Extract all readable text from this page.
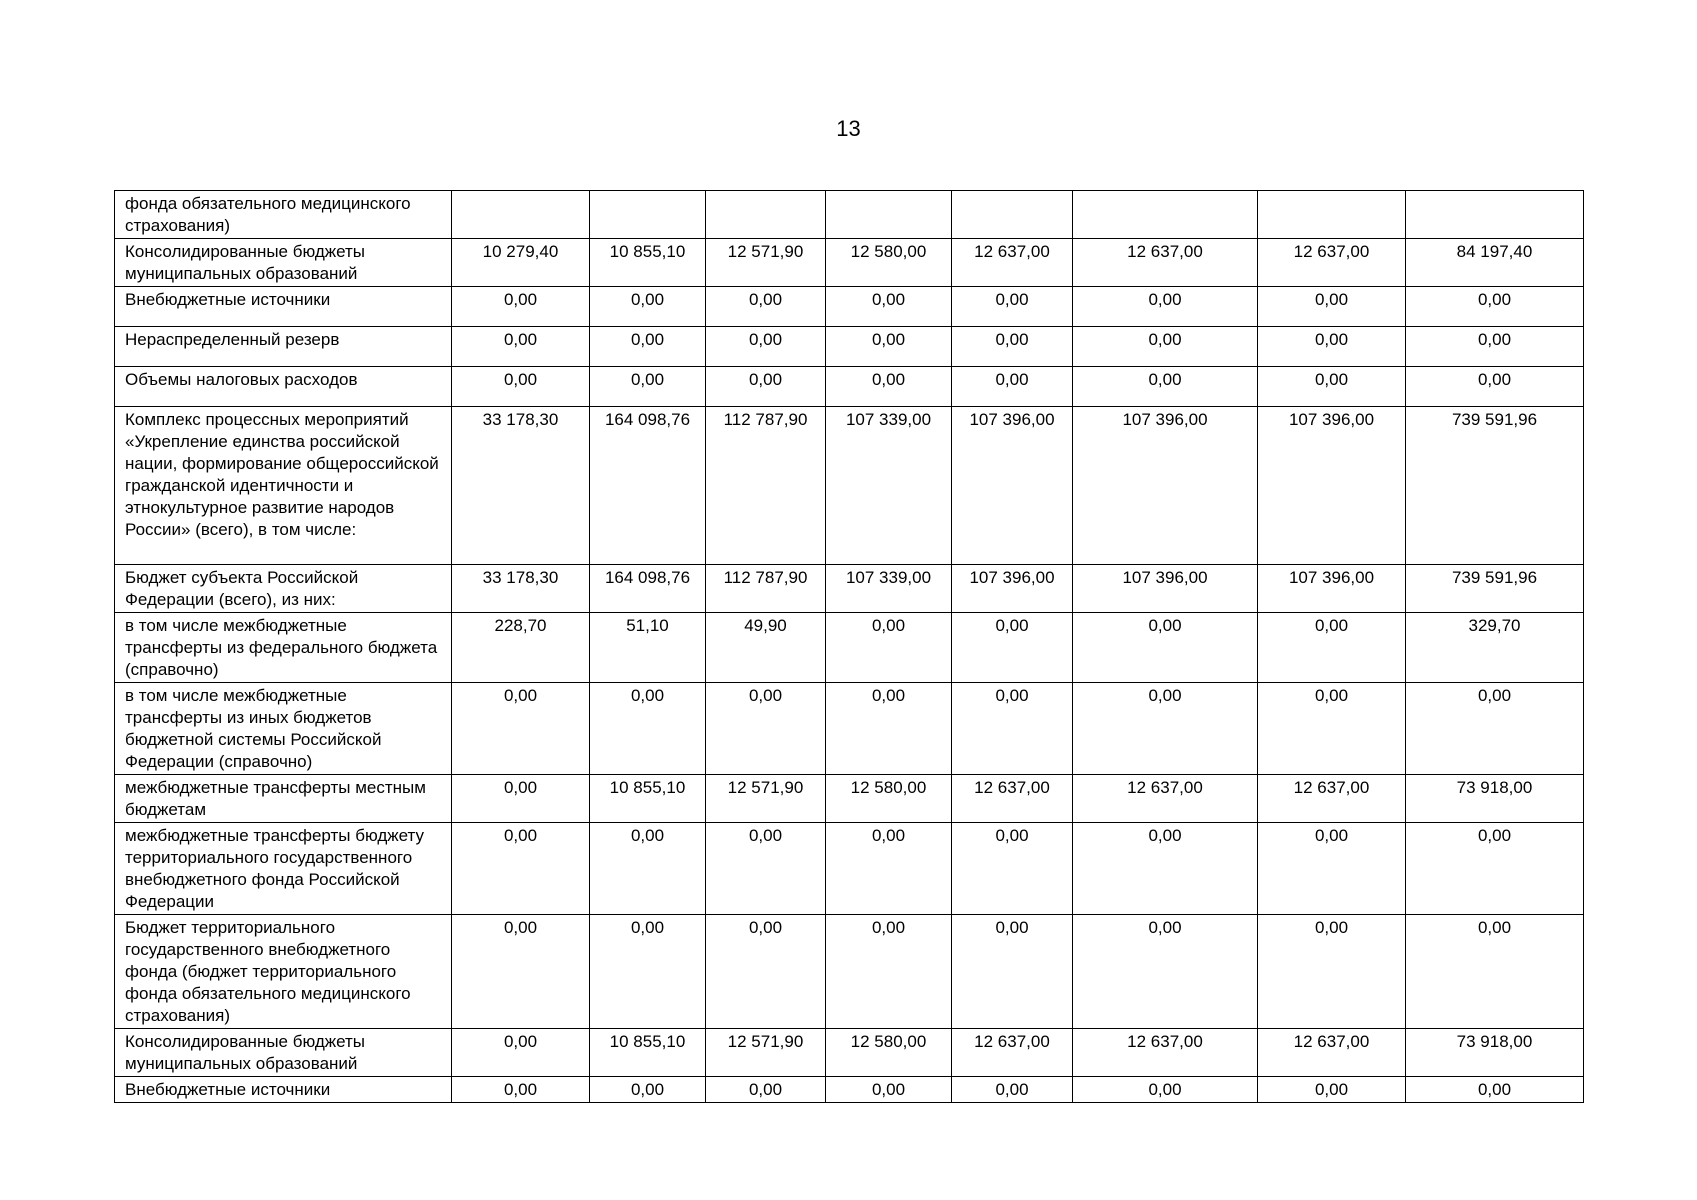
13
фонда обязательного медицинского страхования)								
Консолидированные бюджеты муниципальных образований	10 279,40	10 855,10	12 571,90	12 580,00	12 637,00	12 637,00	12 637,00	84 197,40
Внебюджетные источники	0,00	0,00	0,00	0,00	0,00	0,00	0,00	0,00
Нераспределенный резерв	0,00	0,00	0,00	0,00	0,00	0,00	0,00	0,00
Объемы налоговых расходов	0,00	0,00	0,00	0,00	0,00	0,00	0,00	0,00
Комплекс процессных мероприятий «Укрепление единства российской нации, формирование общероссийской гражданской идентичности и этнокультурное развитие народов России» (всего), в том числе:	33 178,30	164 098,76	112 787,90	107 339,00	107 396,00	107 396,00	107 396,00	739 591,96
Бюджет субъекта Российской Федерации (всего), из них:	33 178,30	164 098,76	112 787,90	107 339,00	107 396,00	107 396,00	107 396,00	739 591,96
в том числе межбюджетные трансферты из федерального бюджета (справочно)	228,70	51,10	49,90	0,00	0,00	0,00	0,00	329,70
в том числе межбюджетные трансферты из иных бюджетов бюджетной системы Российской Федерации (справочно)	0,00	0,00	0,00	0,00	0,00	0,00	0,00	0,00
межбюджетные трансферты местным бюджетам	0,00	10 855,10	12 571,90	12 580,00	12 637,00	12 637,00	12 637,00	73 918,00
межбюджетные трансферты бюджету территориального государственного внебюджетного фонда Российской Федерации	0,00	0,00	0,00	0,00	0,00	0,00	0,00	0,00
Бюджет территориального государственного внебюджетного фонда (бюджет территориального фонда обязательного медицинского страхования)	0,00	0,00	0,00	0,00	0,00	0,00	0,00	0,00
Консолидированные бюджеты муниципальных образований	0,00	10 855,10	12 571,90	12 580,00	12 637,00	12 637,00	12 637,00	73 918,00
Внебюджетные источники	0,00	0,00	0,00	0,00	0,00	0,00	0,00	0,00
